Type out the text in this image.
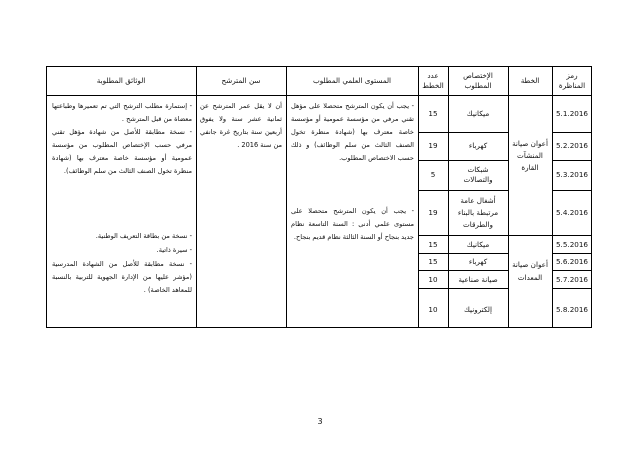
رمز المناظرة
الخطة
الإختصاص المطلوب
عدد الخطط
المستوى العلمي المطلوب
سن المترشح
الوثائق المطلوبة
أعوان صيانة المنشآت القارة
5.1.2016
ميكانيك
15
5.2.2016
كهرباء
19
5.3.2016
شبكات والتصالات
5
5.4.2016
أشغال عامة مرتبطة بالبناء والطرقات
19
أعوان صيانة المعدات
5.5.2016
ميكانيك
15
5.6.2016
كهرباء
15
5.7.2016
صيانة صناعية
10
5.8.2016
إلكترونيك
10
- يجب أن يكون المترشح متحصلا على مؤهل تقني مرفي من مؤسسة عمومية أو مؤسسة خاصة معترف بها (شهادة منظرة تخول الصنف الثالث من سلم الوظائف) و ذلك حسب الاختصاص المطلوب.
- يجب أن يكون المترشح متحصلا على مستوى علمي أدنى : السنة التاسعة نظام جديد بنجاح أو السنة الثالثة نظام قديم بنجاح.
أن لا يقل عمر المترشح عن ثمانية عشر سنة ولا يفوق أربعين سنة بتاريخ غرة جانفي من سنة 2016 .
- إستمارة مطلب الترشح التي تم تعميرها وطباعتها معضاة من قبل المترشح .
- نسخة مطابقة للأصل من شهادة مؤهل تقني مرفي حسب الإختصاص المطلوب من مؤسسة عمومية أو مؤسسة خاصة معترف بها (شهادة منظرة تخول الصنف الثالث من سلم الوظائف).
- نسخة من بطاقة التعريف الوطنية.
- سيرة ذاتية.
- نسخة مطابقة للأصل من الشهادة المدرسية (مؤشر عليها من الإدارة الجهوية للتربية بالنسبة للمعاهد الخاصة) .
3
